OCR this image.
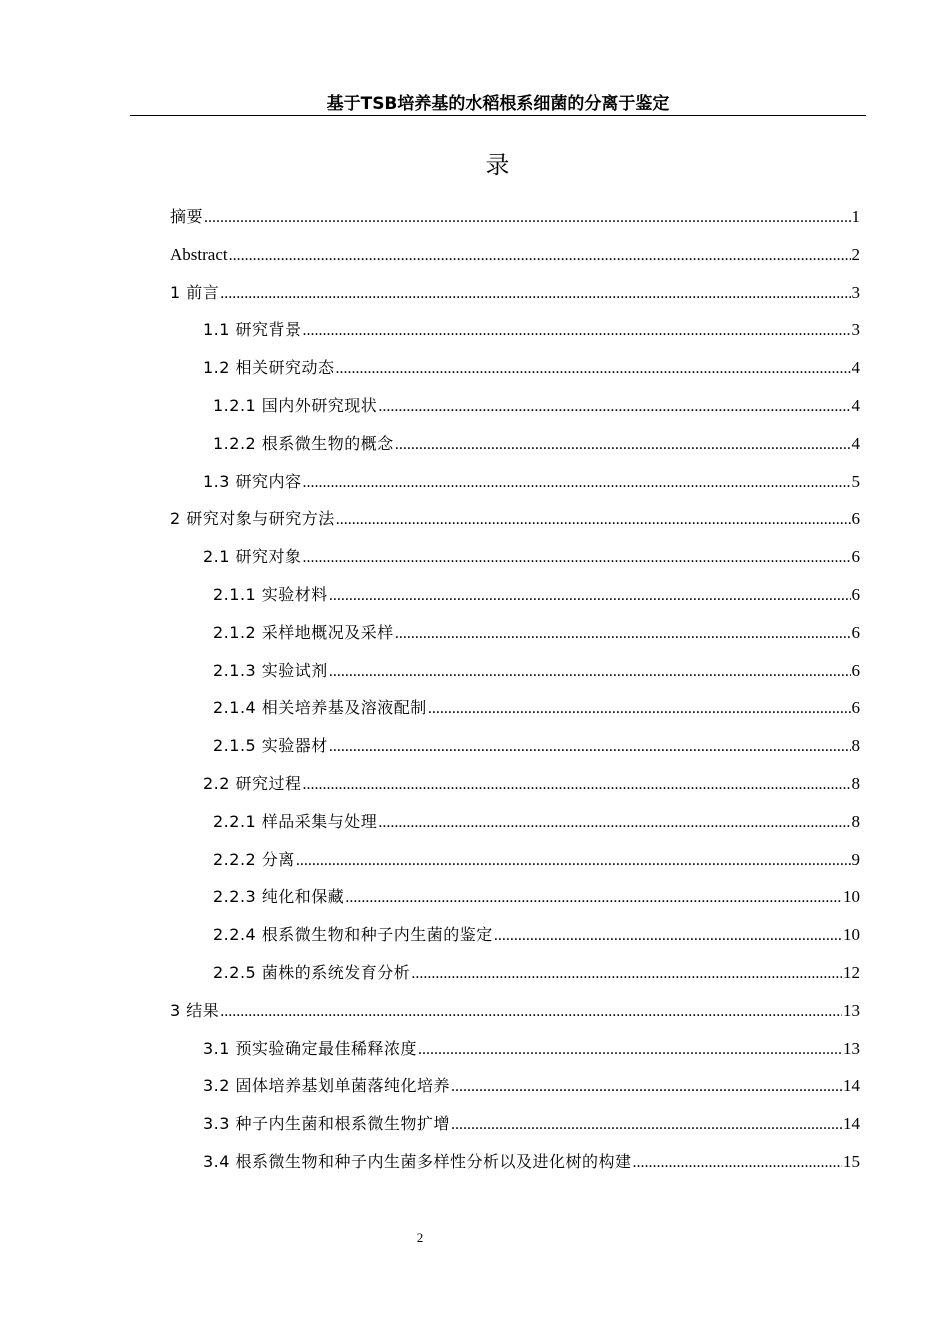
基于TSB培养基的水稻根系细菌的分离于鉴定
录
摘要 .....	1
Abstract .....	2
1 前言 .....	3
1.1 研究背景 .....	3
1.2 相关研究动态 .....	4
1.2.1 国内外研究现状 .....	4
1.2.2 根系微生物的概念 .....	4
1.3 研究内容 .....	5
2 研究对象与研究方法 .....	6
2.1 研究对象 .....	6
2.1.1 实验材料 .....	6
2.1.2 采样地概况及采样 .....	6
2.1.3 实验试剂 .....	6
2.1.4 相关培养基及溶液配制 .....	6
2.1.5 实验器材 .....	8
2.2 研究过程 .....	8
2.2.1 样品采集与处理 .....	8
2.2.2 分离 .....	9
2.2.3 纯化和保藏 .....	10
2.2.4 根系微生物和种子内生菌的鉴定 .....	10
2.2.5 菌株的系统发育分析 .....	12
3 结果 .....	13
3.1 预实验确定最佳稀释浓度 .....	13
3.2 固体培养基划单菌落纯化培养 .....	14
3.3 种子内生菌和根系微生物扩增 .....	14
3.4 根系微生物和种子内生菌多样性分析以及进化树的构建 .....	15
2
